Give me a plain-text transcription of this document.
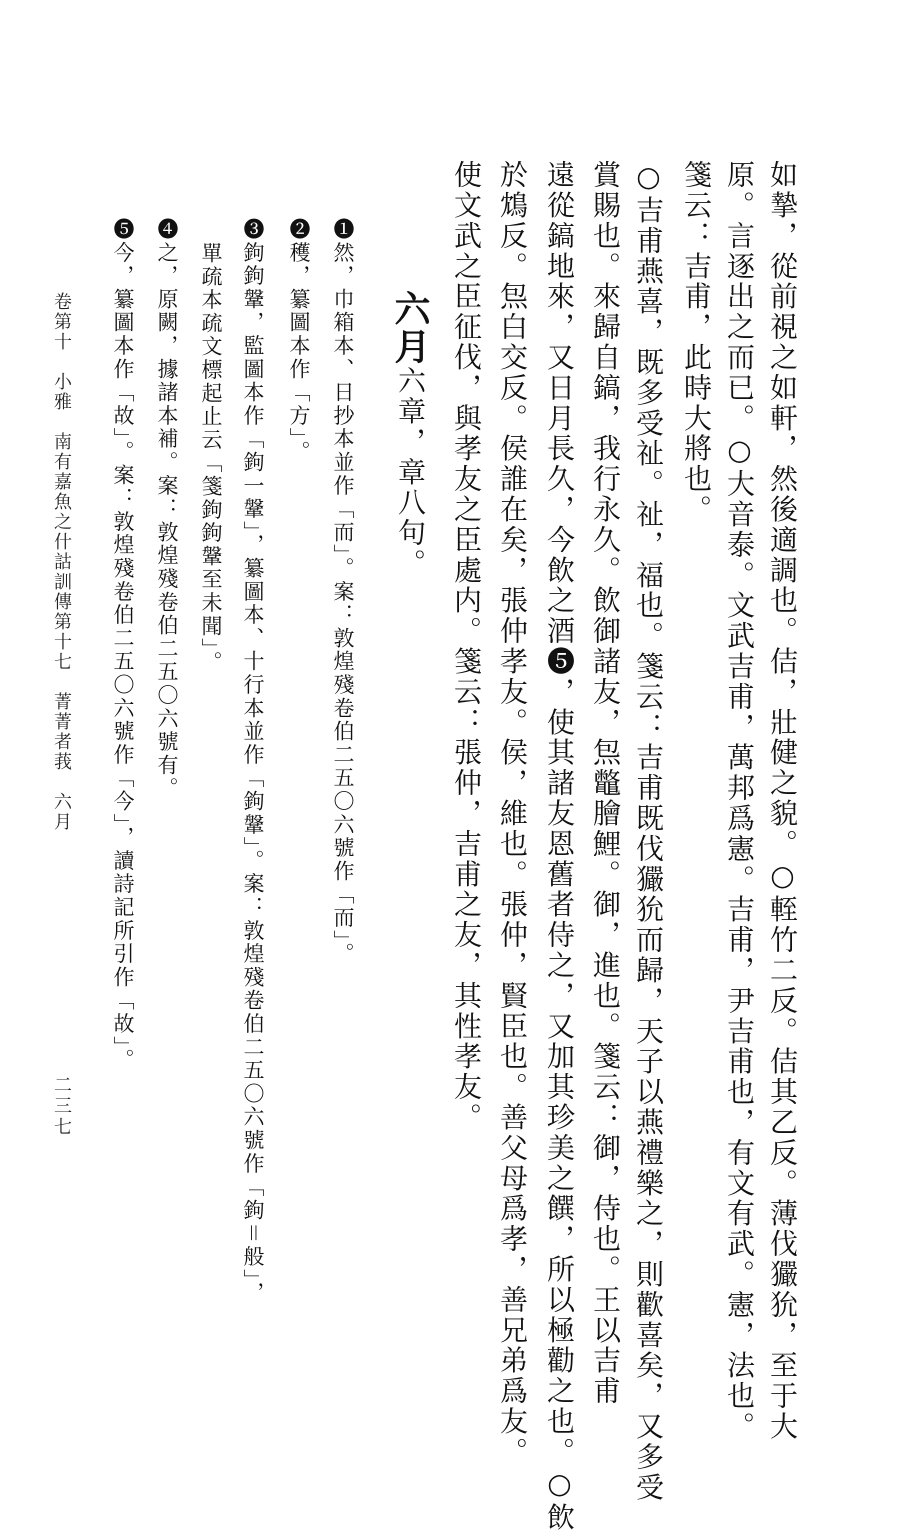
如摯，從前視之如軒，然後適調也。佶，壯健之貌。○輊竹二反。佶其乙反。薄伐玁狁，至于大
原。言逐出之而已。○大音泰。文武吉甫，萬邦爲憲。吉甫，尹吉甫也，有文有武。憲，法也。
箋云：吉甫，此時大將也。
○吉甫燕喜，既多受祉。祉，福也。箋云：吉甫既伐玁狁而歸，天子以燕禮樂之，則歡喜矣，又多受
賞賜也。來歸自鎬，我行永久。飲御諸友，炰鼈膾鯉。御，進也。箋云：御，侍也。王以吉甫
遠從鎬地來，又日月長久，今飲之酒❺，使其諸友恩舊者侍之，又加其珍美之饌，所以極勸之也。○飲
於鴆反。炰白交反。侯誰在矣，張仲孝友。侯，維也。張仲，賢臣也。善父母爲孝，善兄弟爲友。
使文武之臣征伐，與孝友之臣處内。箋云：張仲，吉甫之友，其性孝友。
六月六章，章八句。
❶然，巾箱本、日抄本並作「而」。案：敦煌殘卷伯二五〇六號作「而」。
❷穫，纂圖本作「方」。
❸鉤鉤鞶，監圖本作「鉤一鞶」，纂圖本、十行本並作「鉤鞶」。案：敦煌殘卷伯二五〇六號作「鉤＝般」，
單疏本疏文標起止云「箋鉤鉤鞶至未聞」。
❹之，原闕，據諸本補。案：敦煌殘卷伯二五〇六號有。
❺今，纂圖本作「故」。案：敦煌殘卷伯二五〇六號作「今」，讀詩記所引作「故」。
卷第十　小雅　南有嘉魚之什詁訓傳第十七　菁菁者莪　六月
二三七
